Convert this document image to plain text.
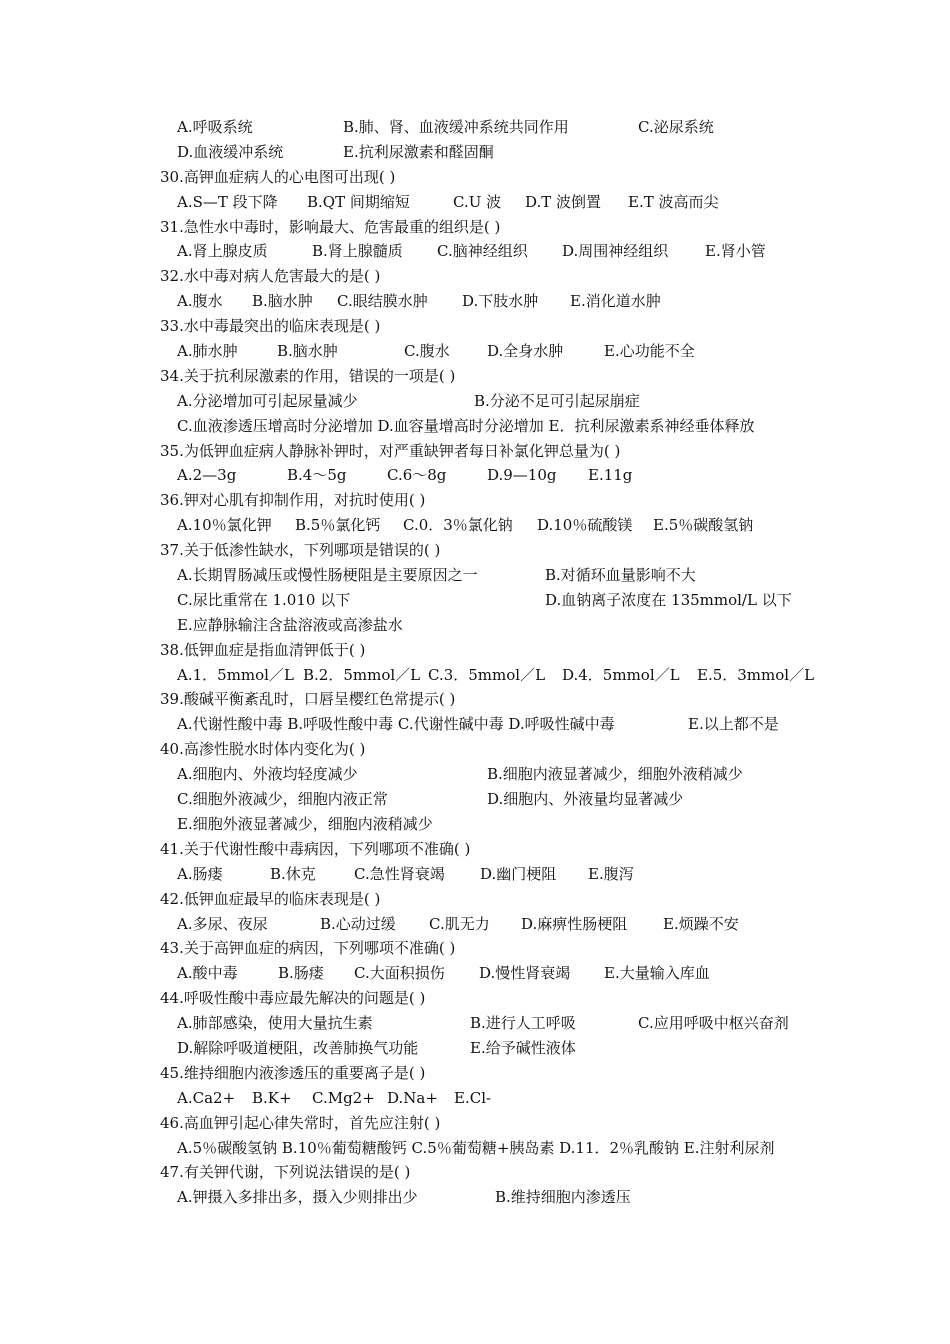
A.呼吸系统	B.肺、肾、血液缓冲系统共同作用	C.泌尿系统
D.血液缓冲系统	E.抗利尿激素和醛固酮
30.高钾血症病人的心电图可出现( )
A.S—T 段下降 B.QT 间期缩短	C.U 波 D.T 波倒置 E.T 波高而尖
31.急性水中毒时，影响最大、危害最重的组织是( )
A.肾上腺皮质	B.肾上腺髓质 C.脑神经组织 D.周围神经组织 E.肾小管
32.水中毒对病人危害最大的是( )
A.腹水 B.脑水肿 C.眼结膜水肿 D.下肢水肿 E.消化道水肿
33.水中毒最突出的临床表现是( )
A.肺水肿	B.脑水肿	C.腹水 D.全身水肿	E.心功能不全
34.关于抗利尿激素的作用，错误的一项是( )
A.分泌增加可引起尿量减少	B.分泌不足可引起尿崩症
C.血液渗透压增高时分泌增加 D.血容量增高时分泌增加 E．抗利尿激素系神经垂体释放
35.为低钾血症病人静脉补钾时，对严重缺钾者每日补氯化钾总量为( )
A.2—3g	B.4～5g	C.6～8g	D.9—10g E.11g
36.钾对心肌有抑制作用，对抗时使用( )
A.10％氯化钾 B.5％氯化钙 C.0．3％氯化钠 D.10％硫酸镁 E.5％碳酸氢钠
37.关于低渗性缺水，下列哪项是错误的( )
A.长期胃肠减压或慢性肠梗阻是主要原因之一	B.对循环血量影响不大
C.尿比重常在 1.010 以下	D.血钠离子浓度在 135mmol/L 以下
E.应静脉输注含盐溶液或高渗盐水
38.低钾血症是指血清钾低于( )
A.1．5mmol／L B.2．5mmol／L C.3．5mmol／L D.4．5mmol／L E.5．3mmol／L
39.酸碱平衡紊乱时，口唇呈樱红色常提示( )
A.代谢性酸中毒 B.呼吸性酸中毒 C.代谢性碱中毒 D.呼吸性碱中毒	E.以上都不是
40.高渗性脱水时体内变化为( )
A.细胞内、外液均轻度减少	B.细胞内液显著减少，细胞外液稍减少
C.细胞外液减少，细胞内液正常	D.细胞内、外液量均显著减少
E.细胞外液显著减少，细胞内液稍减少
41.关于代谢性酸中毒病因，下列哪项不准确( )
A.肠瘘	B.休克	C.急性肾衰竭 D.幽门梗阻 E.腹泻
42.低钾血症最早的临床表现是( )
A.多尿、夜尿	B.心动过缓 C.肌无力 D.麻痹性肠梗阻 E.烦躁不安
43.关于高钾血症的病因，下列哪项不准确( )
A.酸中毒	B.肠瘘 C.大面积损伤 D.慢性肾衰竭 E.大量输入库血
44.呼吸性酸中毒应最先解决的问题是( )
A.肺部感染，使用大量抗生素	B.进行人工呼吸	C.应用呼吸中枢兴奋剂
D.解除呼吸道梗阻，改善肺换气功能	E.给予碱性液体
45.维持细胞内液渗透压的重要离子是( )
A.Ca2+ B.K+ C.Mg2+ D.Na+ E.Cl-
46.高血钾引起心律失常时，首先应注射( )
A.5％碳酸氢钠 B.10％葡萄糖酸钙 C.5％葡萄糖+胰岛素 D.11．2％乳酸钠 E.注射利尿剂
47.有关钾代谢，下列说法错误的是( )
A.钾摄入多排出多，摄入少则排出少	B.维持细胞内渗透压
